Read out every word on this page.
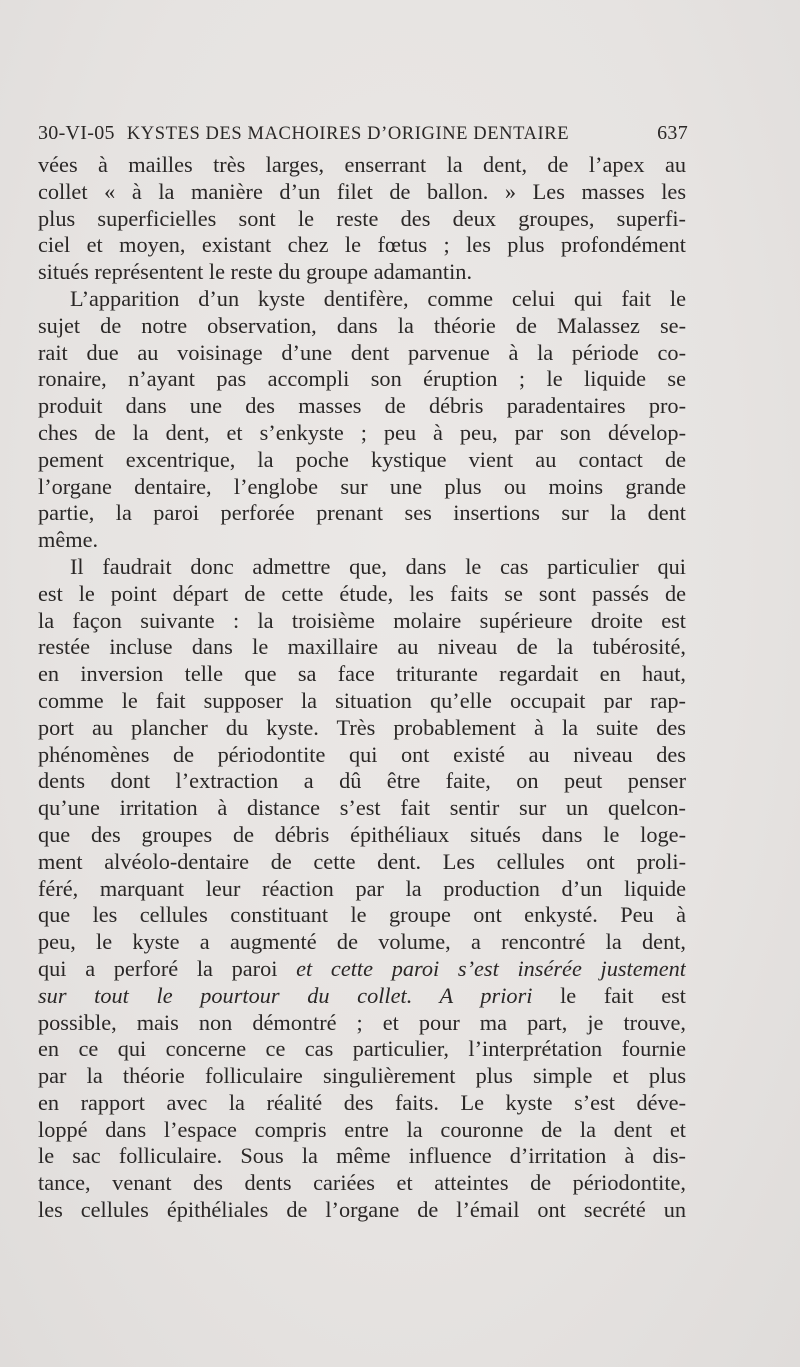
30-VI-05 KYSTES DES MACHOIRES D’ORIGINE DENTAIRE	637
vées à mailles très larges, enserrant la dent, de l’apex au
collet « à la manière d’un filet de ballon. » Les masses les
plus superficielles sont le reste des deux groupes, superfi-
ciel et moyen, existant chez le fœtus ; les plus profondément
situés représentent le reste du groupe adamantin.
L’apparition d’un kyste dentifère, comme celui qui fait le
sujet de notre observation, dans la théorie de Malassez se-
rait due au voisinage d’une dent parvenue à la période co-
ronaire, n’ayant pas accompli son éruption ; le liquide se
produit dans une des masses de débris paradentaires pro-
ches de la dent, et s’enkyste ; peu à peu, par son dévelop-
pement excentrique, la poche kystique vient au contact de
l’organe dentaire, l’englobe sur une plus ou moins grande
partie, la paroi perforée prenant ses insertions sur la dent
même.
Il faudrait donc admettre que, dans le cas particulier qui
est le point départ de cette étude, les faits se sont passés de
la façon suivante : la troisième molaire supérieure droite est
restée incluse dans le maxillaire au niveau de la tubérosité,
en inversion telle que sa face triturante regardait en haut,
comme le fait supposer la situation qu’elle occupait par rap-
port au plancher du kyste. Très probablement à la suite des
phénomènes de périodontite qui ont existé au niveau des
dents dont l’extraction a dû être faite, on peut penser
qu’une irritation à distance s’est fait sentir sur un quelcon-
que des groupes de débris épithéliaux situés dans le loge-
ment alvéolo-dentaire de cette dent. Les cellules ont proli-
féré, marquant leur réaction par la production d’un liquide
que les cellules constituant le groupe ont enkysté. Peu à
peu, le kyste a augmenté de volume, a rencontré la dent,
qui a perforé la paroi et cette paroi s’est insérée justement
sur tout le pourtour du collet. A priori le fait est
possible, mais non démontré ; et pour ma part, je trouve,
en ce qui concerne ce cas particulier, l’interprétation fournie
par la théorie folliculaire singulièrement plus simple et plus
en rapport avec la réalité des faits. Le kyste s’est déve-
loppé dans l’espace compris entre la couronne de la dent et
le sac folliculaire. Sous la même influence d’irritation à dis-
tance, venant des dents cariées et atteintes de périodontite,
les cellules épithéliales de l’organe de l’émail ont secrété un
